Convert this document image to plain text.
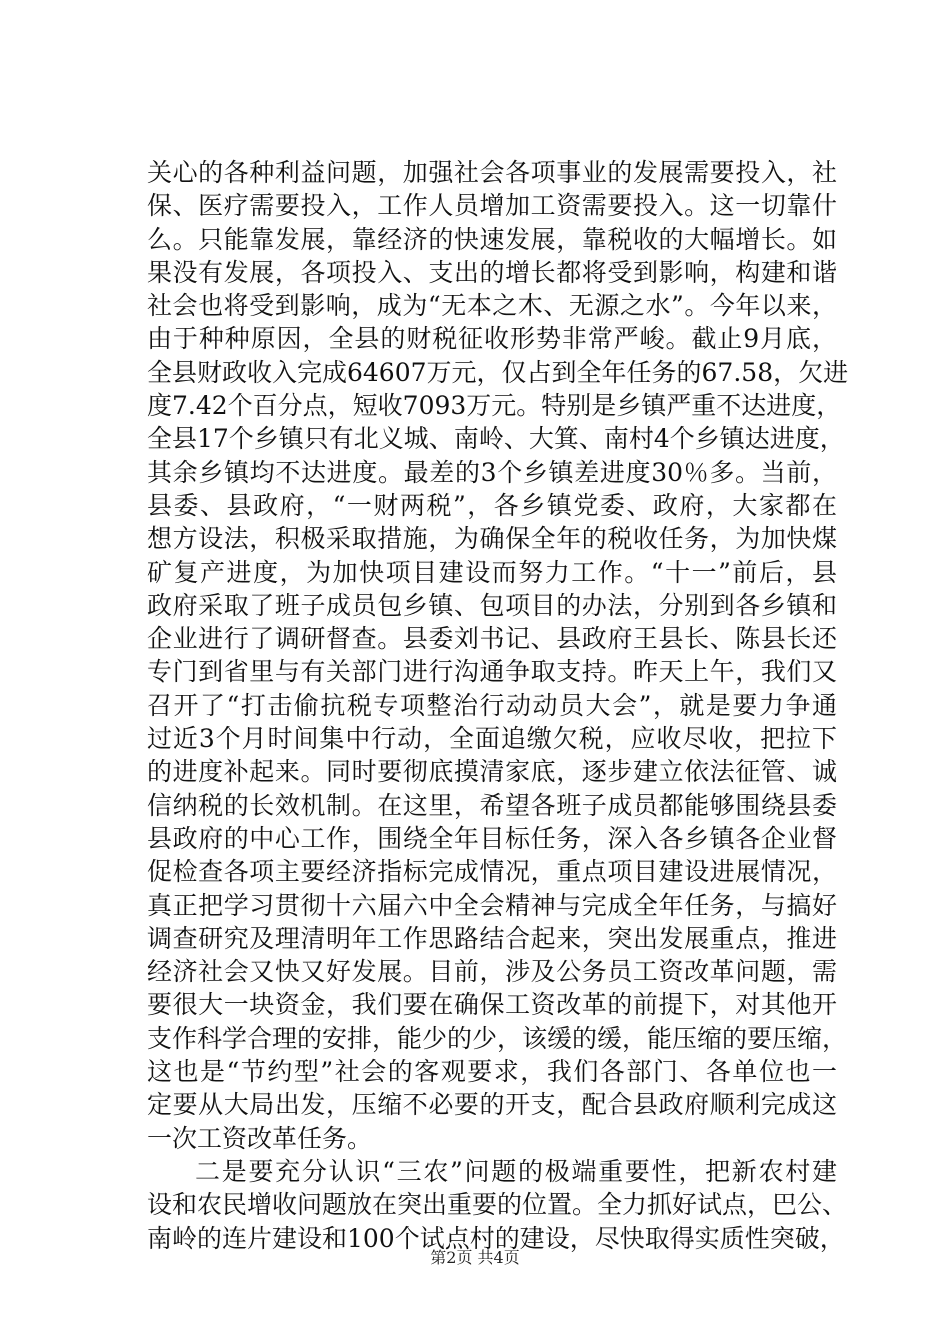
关心的各种利益问题，加强社会各项事业的发展需要投入，社
保、医疗需要投入，工作人员增加工资需要投入。这一切靠什
么。只能靠发展，靠经济的快速发展，靠税收的大幅增长。如
果没有发展，各项投入、支出的增长都将受到影响，构建和谐
社会也将受到影响，成为“无本之木、无源之水”。今年以来，
由于种种原因，全县的财税征收形势非常严峻。截止9月底，
全县财政收入完成64607万元，仅占到全年任务的67.58，欠进
度7.42个百分点，短收7093万元。特别是乡镇严重不达进度，
全县17个乡镇只有北义城、南岭、大箕、南村4个乡镇达进度，
其余乡镇均不达进度。最差的3个乡镇差进度30％多。当前，
县委、县政府，“一财两税”，各乡镇党委、政府，大家都在
想方设法，积极采取措施，为确保全年的税收任务，为加快煤
矿复产进度，为加快项目建设而努力工作。“十一”前后，县
政府采取了班子成员包乡镇、包项目的办法，分别到各乡镇和
企业进行了调研督查。县委刘书记、县政府王县长、陈县长还
专门到省里与有关部门进行沟通争取支持。昨天上午，我们又
召开了“打击偷抗税专项整治行动动员大会”，就是要力争通
过近3个月时间集中行动，全面追缴欠税，应收尽收，把拉下
的进度补起来。同时要彻底摸清家底，逐步建立依法征管、诚
信纳税的长效机制。在这里，希望各班子成员都能够围绕县委
县政府的中心工作，围绕全年目标任务，深入各乡镇各企业督
促检查各项主要经济指标完成情况，重点项目建设进展情况，
真正把学习贯彻十六届六中全会精神与完成全年任务，与搞好
调查研究及理清明年工作思路结合起来，突出发展重点，推进
经济社会又快又好发展。目前，涉及公务员工资改革问题，需
要很大一块资金，我们要在确保工资改革的前提下，对其他开
支作科学合理的安排，能少的少，该缓的缓，能压缩的要压缩，
这也是“节约型”社会的客观要求，我们各部门、各单位也一
定要从大局出发，压缩不必要的开支，配合县政府顺利完成这
一次工资改革任务。
二是要充分认识“三农”问题的极端重要性，把新农村建
设和农民增收问题放在突出重要的位置。全力抓好试点，巴公、
南岭的连片建设和100个试点村的建设，尽快取得实质性突破，
第2页 共4页
